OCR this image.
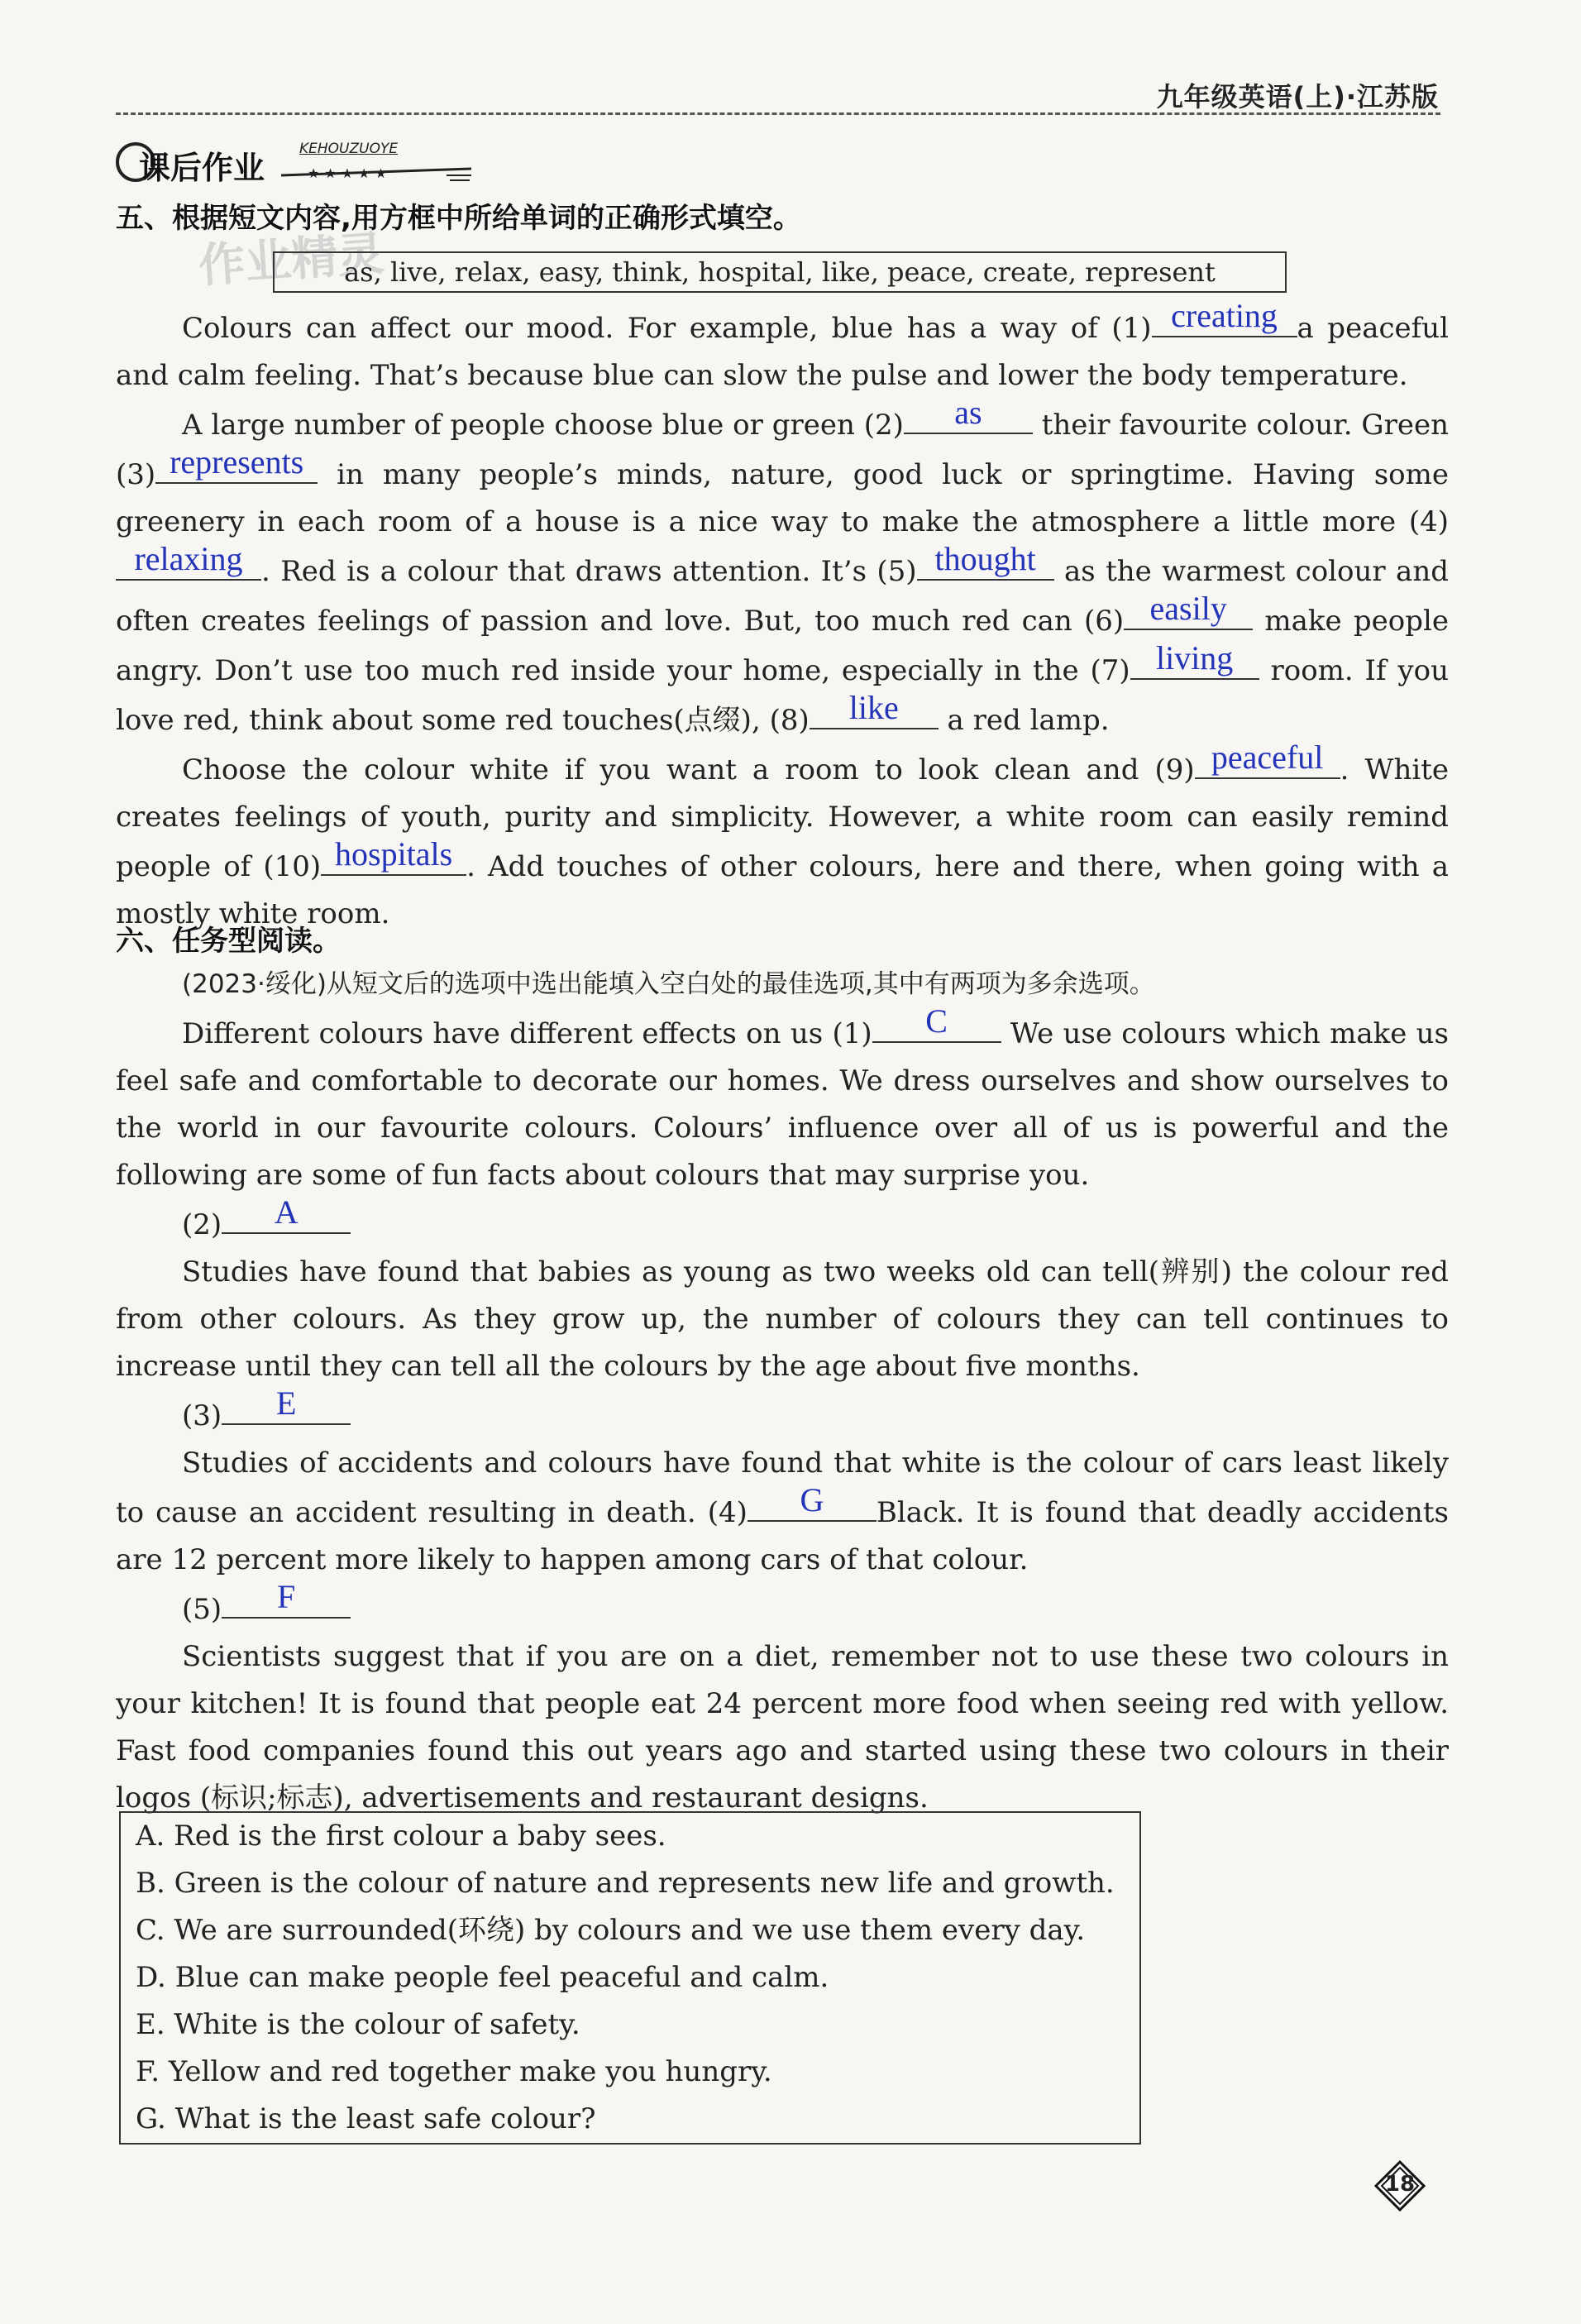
九年级英语(上)·江苏版
课后作业
KEHOUZUOYE
★★★★★
五、根据短文内容,用方框中所给单词的正确形式填空。
作业精灵
as, live, relax, easy, think, hospital, like, peace, create, represent

Colours can affect our mood. For example, blue has a way of (1) creating a peaceful and calm feeling. That’s because blue can slow the pulse and lower the body temperature.

A large number of people choose blue or green (2)	as	their favourite colour. Green (3) represents in many people’s minds, nature, good luck or springtime. Having some greenery in each room of a house is a nice way to make the atmosphere a little more (4)
relaxing . Red is a colour that draws attention. It’s (5) thought as the warmest colour and often creates feelings of passion and love. But, too much red can (6) easily make people angry. Don’t use too much red inside your home, especially in the (7) living room. If you love red, think about some red touches(点缀), (8)	like	a red lamp.

Choose the colour white if you want a room to look clean and (9) peaceful . White creates feelings of youth, purity and simplicity. However, a white room can easily remind people of (10) hospitals . Add touches of other colours, here and there, when going with a mostly white room.

六、任务型阅读。

(2023·绥化)从短文后的选项中选出能填入空白处的最佳选项,其中有两项为多余选项。

Different colours have different effects on us (1)	C	We use colours which make us feel safe and comfortable to decorate our homes. We dress ourselves and show ourselves to the world in our favourite colours. Colours’ influence over all of us is powerful and the following are some of fun facts about colours that may surprise you.

(2)	A

Studies have found that babies as young as two weeks old can tell(辨别) the colour red from other colours. As they grow up, the number of colours they can tell continues to increase until they can tell all the colours by the age about five months.

(3)	E

Studies of accidents and colours have found that white is the colour of cars least likely to cause an accident resulting in death. (4)	G	Black. It is found that deadly accidents are 12 percent more likely to happen among cars of that colour.

(5)	F

Scientists suggest that if you are on a diet, remember not to use these two colours in your kitchen! It is found that people eat 24 percent more food when seeing red with yellow. Fast food companies found this out years ago and started using these two colours in their logos (标识;标志), advertisements and restaurant designs.

A. Red is the first colour a baby sees.
B. Green is the colour of nature and represents new life and growth.
C. We are surrounded(环绕) by colours and we use them every day.
D. Blue can make people feel peaceful and calm.
E. White is the colour of safety.
F. Yellow and red together make you hungry.
G. What is the least safe colour?
18
